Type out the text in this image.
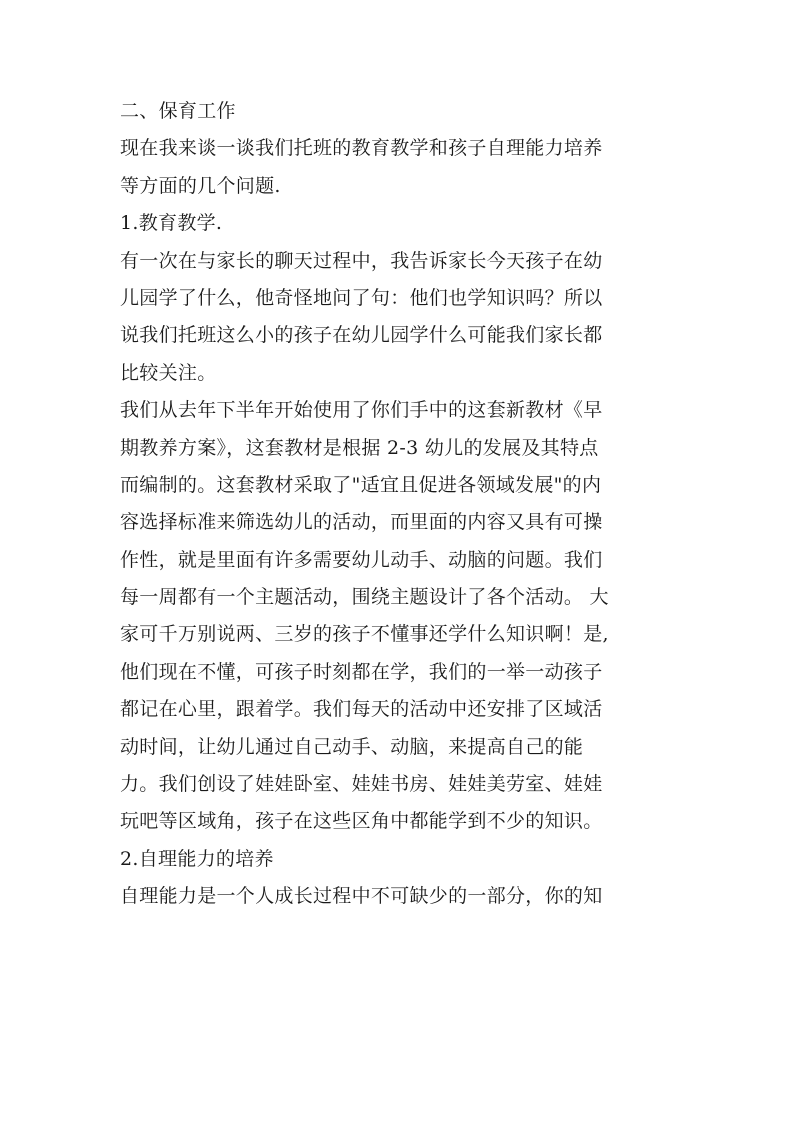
二、保育工作
现在我来谈一谈我们托班的教育教学和孩子自理能力培养
等方面的几个问题.
1.教育教学.
有一次在与家长的聊天过程中，我告诉家长今天孩子在幼
儿园学了什么，他奇怪地问了句：他们也学知识吗？所以
说我们托班这么小的孩子在幼儿园学什么可能我们家长都
比较关注。
我们从去年下半年开始使用了你们手中的这套新教材《早
期教养方案》，这套教材是根据 2-3 幼儿的发展及其特点
而编制的。这套教材采取了"适宜且促进各领域发展"的内
容选择标准来筛选幼儿的活动，而里面的内容又具有可操
作性，就是里面有许多需要幼儿动手、动脑的问题。我们
每一周都有一个主题活动，围绕主题设计了各个活动。 大
家可千万别说两、三岁的孩子不懂事还学什么知识啊！是,
他们现在不懂，可孩子时刻都在学，我们的一举一动孩子
都记在心里，跟着学。我们每天的活动中还安排了区域活
动时间，让幼儿通过自己动手、动脑，来提高自己的能
力。我们创设了娃娃卧室、娃娃书房、娃娃美劳室、娃娃
玩吧等区域角，孩子在这些区角中都能学到不少的知识。
2.自理能力的培养
自理能力是一个人成长过程中不可缺少的一部分，你的知
